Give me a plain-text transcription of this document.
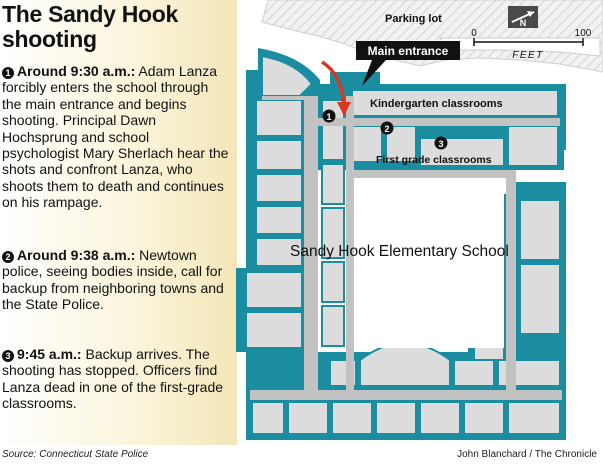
The Sandy Hook shooting

1 Around 9:30 a.m.: Adam Lanza forcibly enters the school through the main entrance and begins shooting. Principal Dawn Hochsprung and school psychologist Mary Sherlach hear the shots and confront Lanza, who shoots them to death and continues on his rampage.

2 Around 9:38 a.m.: Newtown police, seeing bodies inside, call for backup from neighboring towns and the State Police.

3 9:45 a.m.: Backup arrives. The shooting has stopped. Officers find Lanza dead in one of the first-grade classrooms.

Main entrance
Parking lot	N
0	100
FEET
Kindergarten classrooms
First grade classrooms
Sandy Hook Elementary School
1
2
3
Source: Connecticut State Police	John Blanchard / The Chronicle
